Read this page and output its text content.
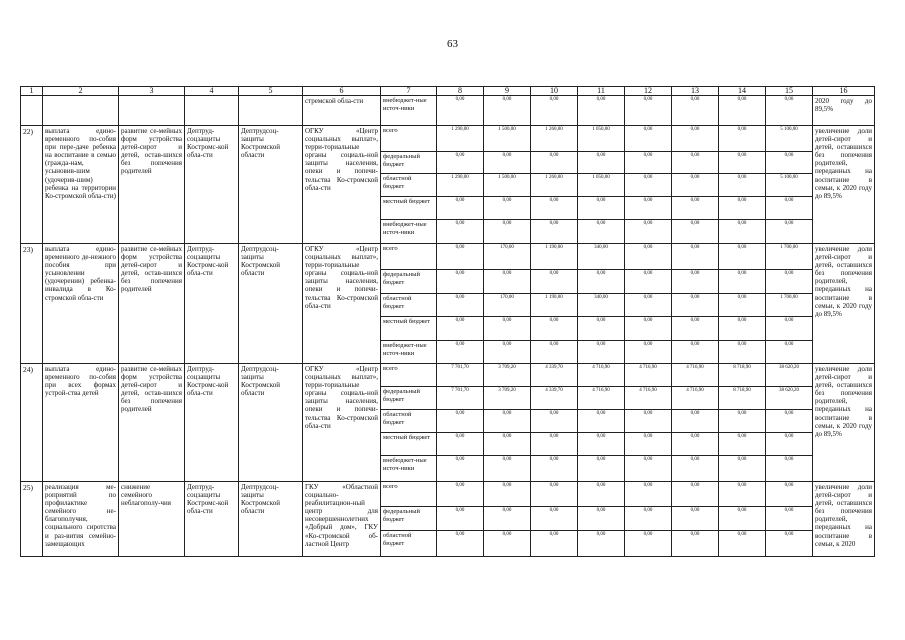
63
1	2	3	4	5	6	7	8	9	10	11	12	13	14	15	16
					стремской обла-сти	внебюджет-ные источ-ники	0,00	0,00	0,00	0,00	0,00	0,00	0,00	0,00	2020 году до 89,5%
22)	выплата едино-временного по-собия при пере-даче ребенка на воспитание в семью (гражда-нам, усыновив-шим (удочерив-шим) ребенка на территории Ко-стромской обла-сти)	развитие се-мейных форм устройства детей-сирот и детей, остав-шихся без попечения родителей	Дептруд-соцзащиты Костромс-кой обла-сти	Дептрудсоц-защиты Костромской области	ОГКУ «Центр социальных выплат», терри-ториальные органы социаль-ной защиты населения, опеки и попечи-тельства Ко-стромской обла-сти	всего	1 290,00	1 500,00	1 260,00	1 050,00	0,00	0,00	0,00	5 100,00	увеличение доли детей-сирот и детей, оставшихся без попечения родителей, переданных на воспитание в семьи, к 2020 году до 89,5%
						федеральный бюджет	0,00	0,00	0,00	0,00	0,00	0,00	0,00	0,00	
						областной бюджет	1 290,00	1 500,00	1 260,00	1 050,00	0,00	0,00	0,00	5 100,00	
						местный бюджет	0,00	0,00	0,00	0,00	0,00	0,00	0,00	0,00	
						внебюджет-ные источ-ники	0,00	0,00	0,00	0,00	0,00	0,00	0,00	0,00	
23)	выплата едино-временного де-нежного пособия при усыновлении (удочерении) ребенка-инвалида в Ко-стромской обла-сти	развитие се-мейных форм устройства детей-сирот и детей, остав-шихся без попечения родителей	Дептруд-соцзащиты Костромс-кой обла-сти	Дептрудсоц-защиты Костромской области	ОГКУ «Центр социальных выплат», терри-ториальные органы социаль-ной защиты населения, опеки и попечи-тельства Ко-стромской обла-сти	всего	0,00	170,00	1 190,00	340,00	0,00	0,00	0,00	1 700,00	увеличение доли детей-сирот и детей, оставшихся без попечения родителей, переданных на воспитание в семьи, к 2020 году до 89,5%
						федеральный бюджет	0,00	0,00	0,00	0,00	0,00	0,00	0,00	0,00	
						областной бюджет	0,00	170,00	1 190,00	340,00	0,00	0,00	0,00	1 700,00	
						местный бюджет	0,00	0,00	0,00	0,00	0,00	0,00	0,00	0,00	
						внебюджет-ные источ-ники	0,00	0,00	0,00	0,00	0,00	0,00	0,00	0,00	
24)	выплата едино-временного по-собия при всех формах устрой-ства детей	развитие се-мейных форм устройства детей-сирот и детей, остав-шихся без попечения родителей	Дептруд-соцзащиты Костромс-кой обла-сти	Дептрудсоц-защиты Костромской области	ОГКУ «Центр социальных выплат», терри-ториальные органы социаль-ной защиты населения, опеки и попечи-тельства Ко-стромской обла-сти	всего	7 701,70	3 709,20	4 339,70	4 716,90	4 716,90	4 716,90	8 718,90	38 620,20	увеличение доли детей-сирот и детей, оставшихся без попечения родителей, переданных на воспитание в семьи, к 2020 году до 89,5%
						федеральный бюджет	7 701,70	3 709,20	4 339,70	4 716,90	4 716,90	4 716,90	8 718,90	38 620,20	
						областной бюджет	0,00	0,00	0,00	0,00	0,00	0,00	0,00	0,00	
						местный бюджет	0,00	0,00	0,00	0,00	0,00	0,00	0,00	0,00	
						внебюджет-ные источ-ники	0,00	0,00	0,00	0,00	0,00	0,00	0,00	0,00	
25)	реализация ме-роприятий по профилактике семейного не-благополучия, социального сиротства и раз-вития семейно-замещающих	снижение семейного неблагополу-чия	Дептруд-соцзащиты Костромс-кой обла-сти	Дептрудсоц-защиты Костромской области	ГКУ «Областной социально-реабилитацион-ный центр для несовершеннолетних «Добрый дом», ГКУ «Ко-стромской об-ластной Центр	всего	0,00	0,00	0,00	0,00	0,00	0,00	0,00	0,00	увеличение доли детей-сирот и детей, оставшихся без попечения родителей, переданных на воспитание в семьи, к 2020
						федеральный бюджет	0,00	0,00	0,00	0,00	0,00	0,00	0,00	0,00	
						областной бюджет	0,00	0,00	0,00	0,00	0,00	0,00	0,00	0,00	
